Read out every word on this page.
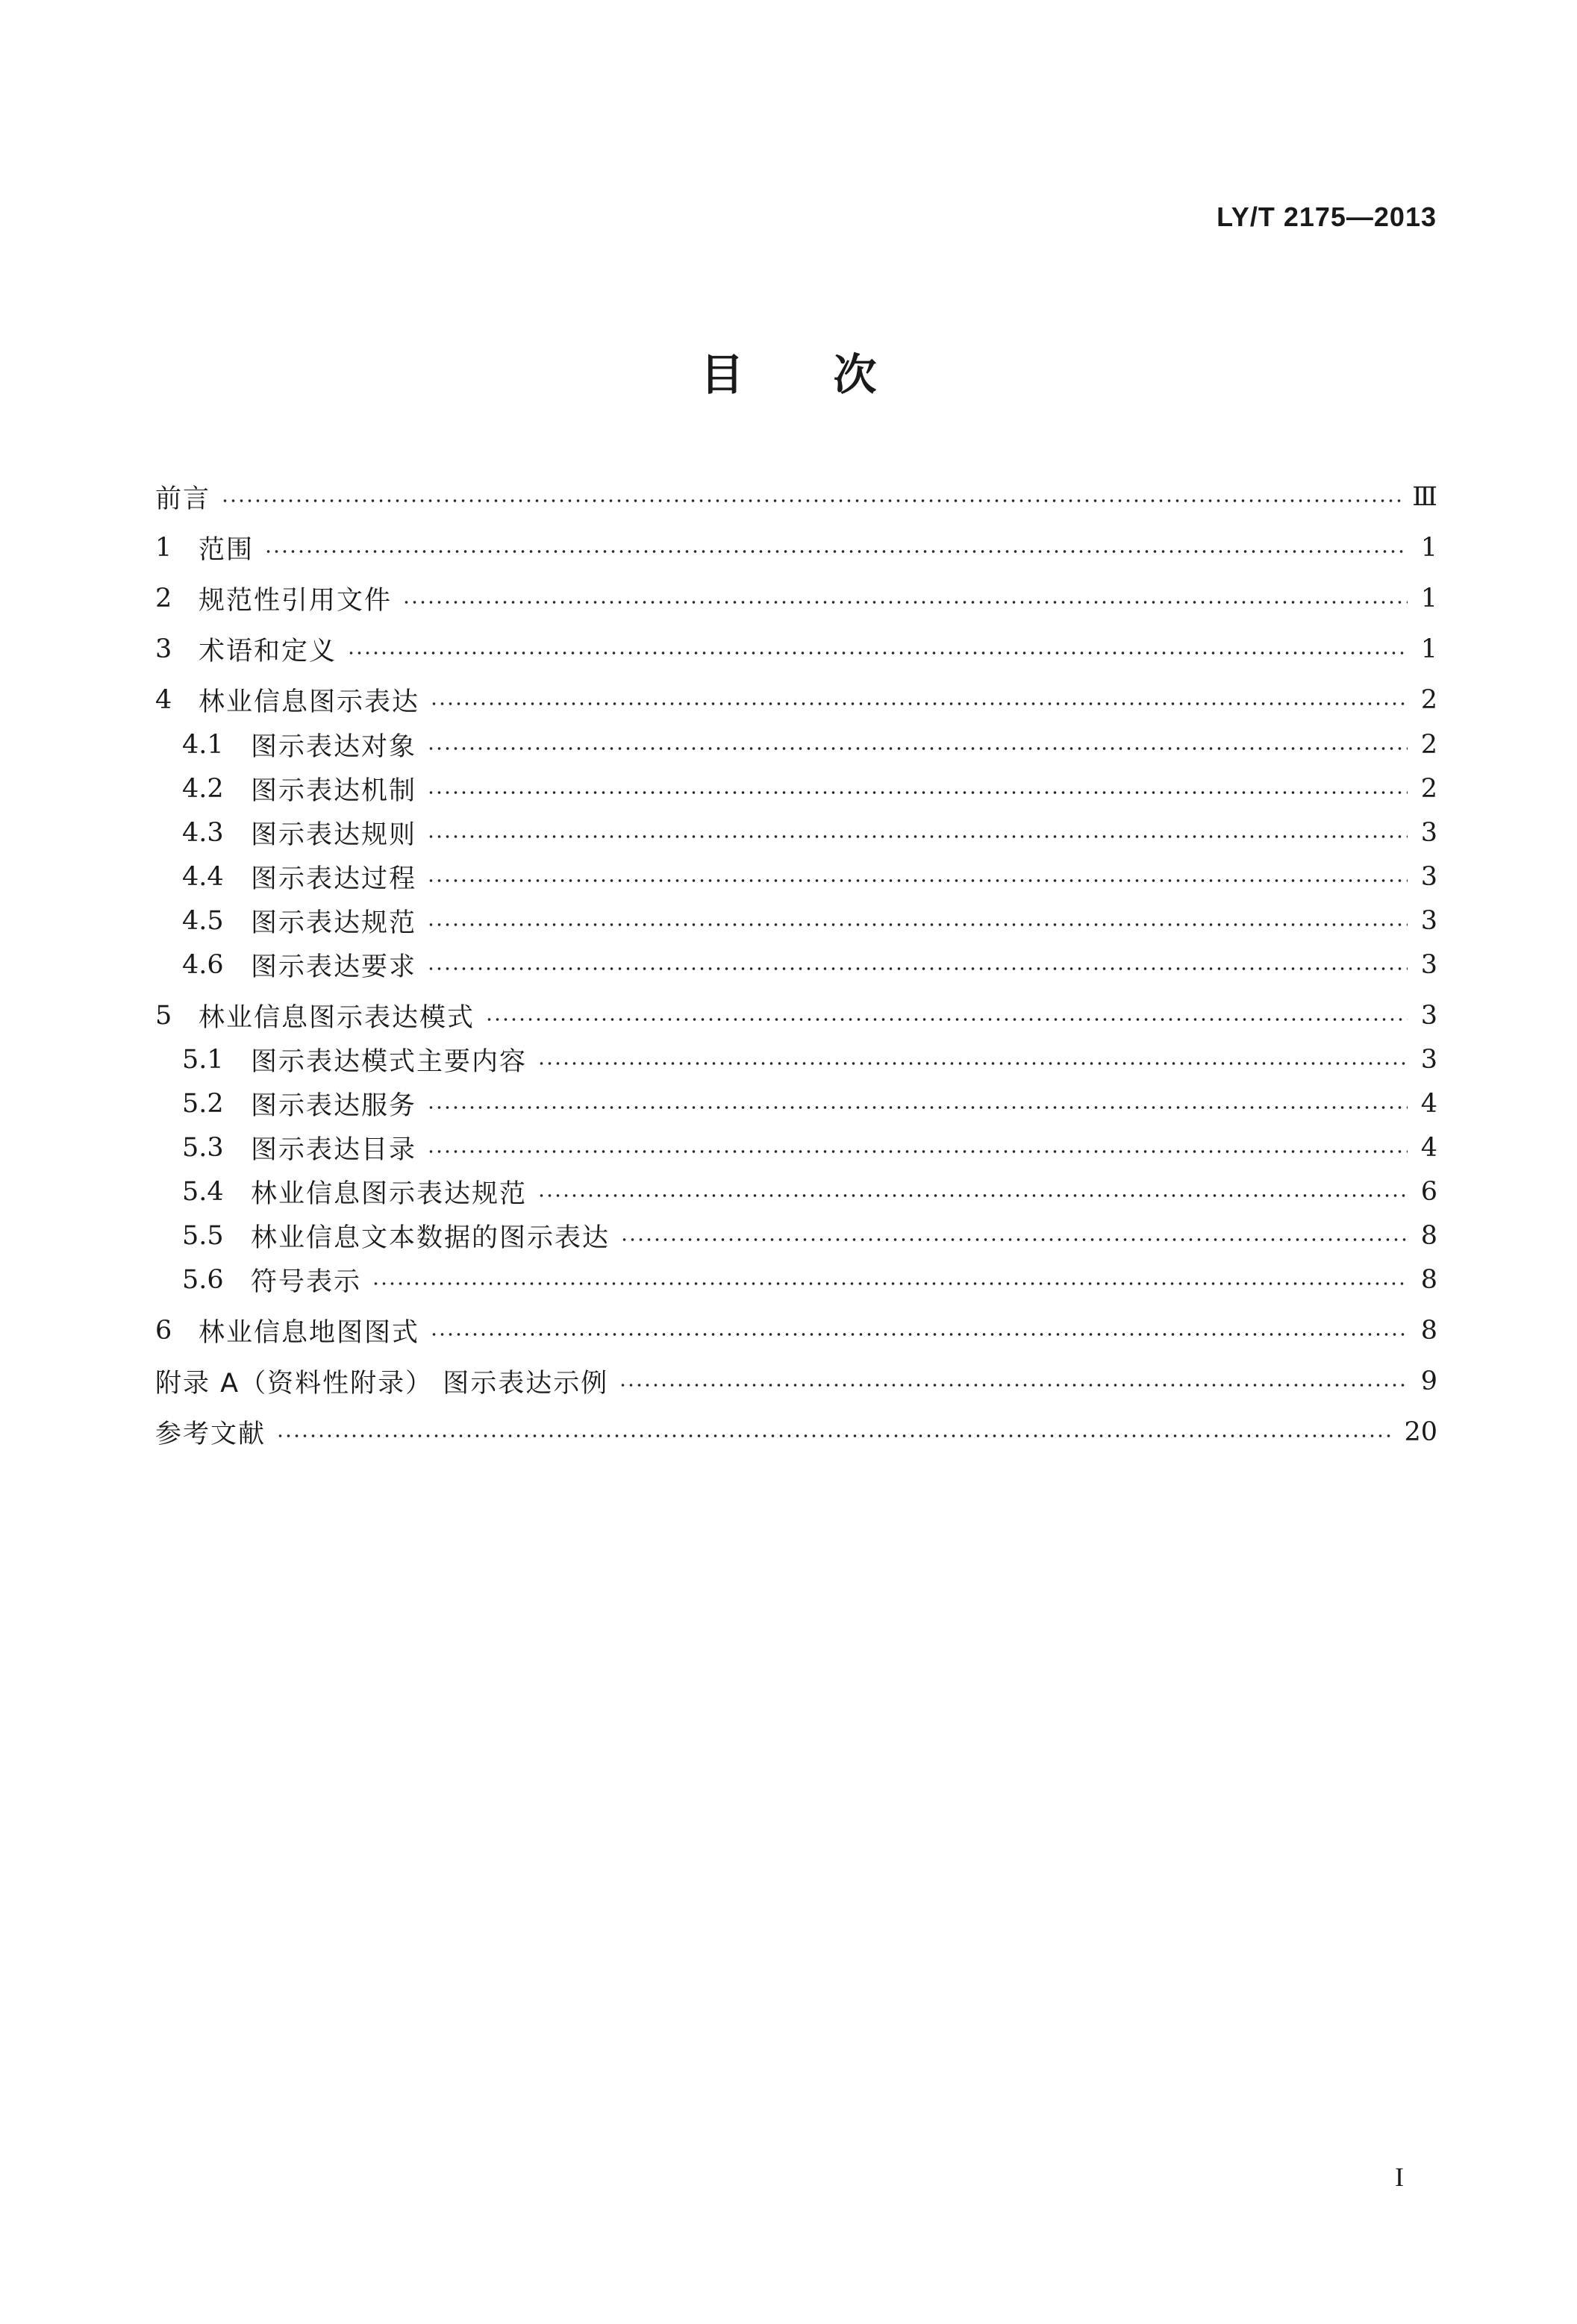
LY/T 2175—2013
目 次
前言	Ⅲ
1	范围	1
2	规范性引用文件	1
3	术语和定义	1
4	林业信息图示表达	2
4.1	图示表达对象	2
4.2	图示表达机制	2
4.3	图示表达规则	3
4.4	图示表达过程	3
4.5	图示表达规范	3
4.6	图示表达要求	3
5	林业信息图示表达模式	3
5.1	图示表达模式主要内容	3
5.2	图示表达服务	4
5.3	图示表达目录	4
5.4	林业信息图示表达规范	6
5.5	林业信息文本数据的图示表达	8
5.6	符号表示	8
6	林业信息地图图式	8
附录 A（资料性附录） 图示表达示例	9
参考文献	20
I
